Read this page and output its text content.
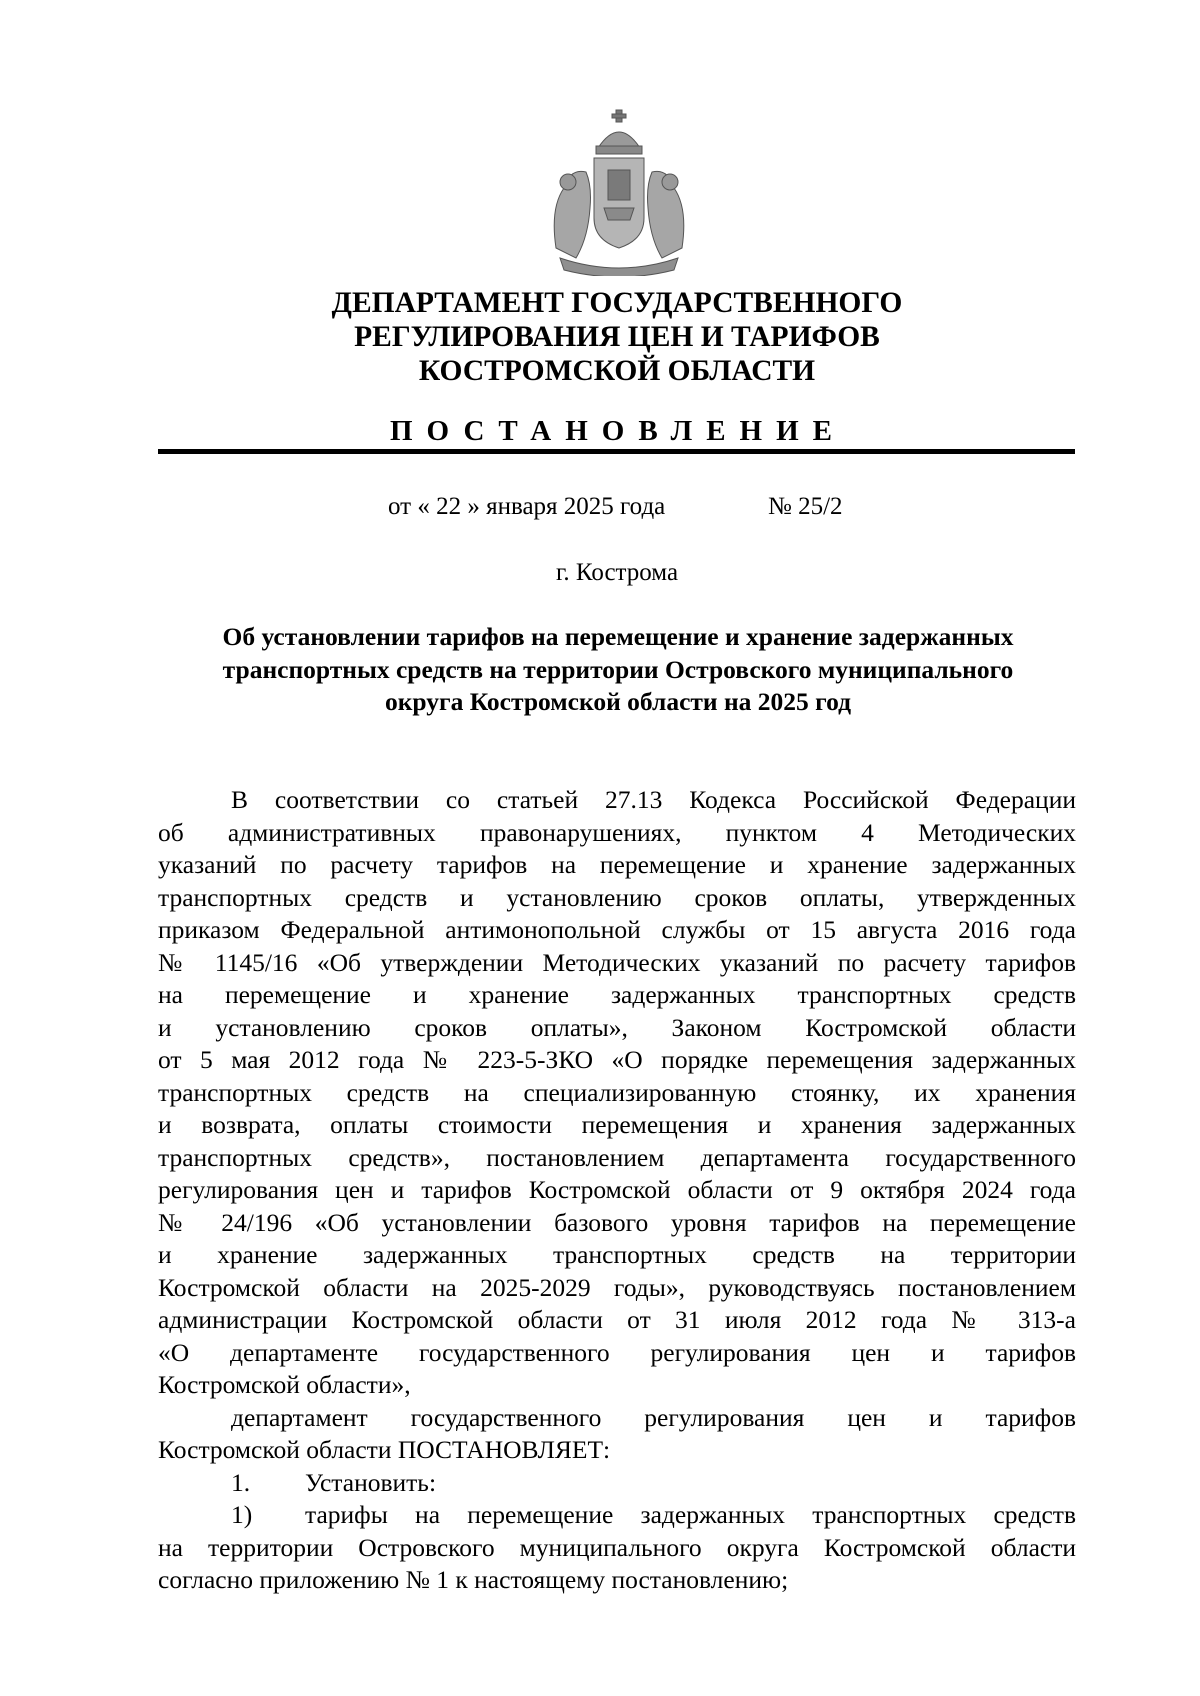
ДЕПАРТАМЕНТ ГОСУДАРСТВЕННОГО
РЕГУЛИРОВАНИЯ ЦЕН И ТАРИФОВ
КОСТРОМСКОЙ ОБЛАСТИ
ПОСТАНОВЛЕНИЕ
от « 22 » января 2025 года	№ 25/2
г. Кострома
Об установлении тарифов на перемещение и хранение задержанных
транспортных средств на территории Островского муниципального
округа Костромской области на 2025 год
В соответствии со статьей 27.13 Кодекса Российской Федерации
об административных правонарушениях, пунктом 4 Методических
указаний по расчету тарифов на перемещение и хранение задержанных
транспортных средств и установлению сроков оплаты, утвержденных
приказом Федеральной антимонопольной службы от 15 августа 2016 года
№ 1145/16 «Об утверждении Методических указаний по расчету тарифов
на перемещение и хранение задержанных транспортных средств
и установлению сроков оплаты», Законом Костромской области
от 5 мая 2012 года № 223-5-ЗКО «О порядке перемещения задержанных
транспортных средств на специализированную стоянку, их хранения
и возврата, оплаты стоимости перемещения и хранения задержанных
транспортных средств», постановлением департамента государственного
регулирования цен и тарифов Костромской области от 9 октября 2024 года
№ 24/196 «Об установлении базового уровня тарифов на перемещение
и хранение задержанных транспортных средств на территории
Костромской области на 2025-2029 годы», руководствуясь постановлением
администрации Костромской области от 31 июля 2012 года № 313-а
«О департаменте государственного регулирования цен и тарифов
Костромской области»,
департамент государственного регулирования цен и тарифов
Костромской области ПОСТАНОВЛЯЕТ:
1.	Установить:
1)	тарифы на перемещение задержанных транспортных средств
на территории Островского муниципального округа Костромской области
согласно приложению № 1 к настоящему постановлению;
